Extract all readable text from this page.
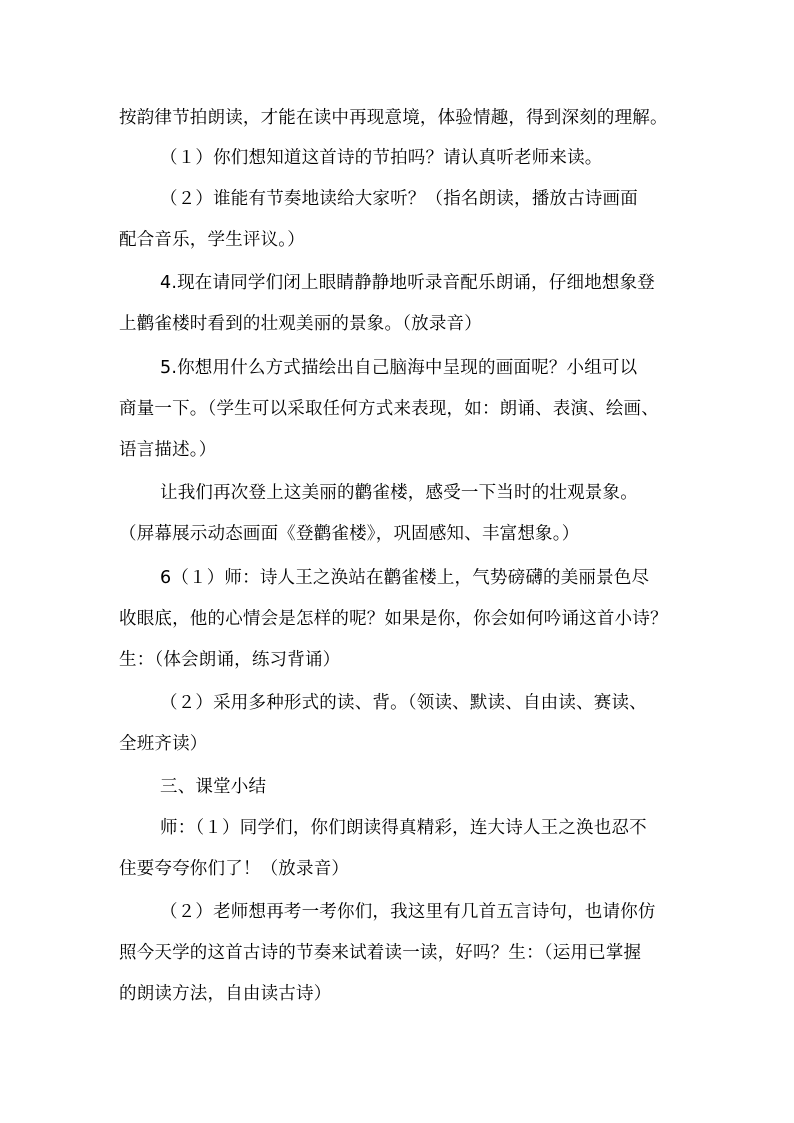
按韵律节拍朗读，才能在读中再现意境，体验情趣，得到深刻的理解。
（１）你们想知道这首诗的节拍吗？请认真听老师来读。
（２）谁能有节奏地读给大家听？（指名朗读，播放古诗画面
配合音乐，学生评议。）
4.现在请同学们闭上眼睛静静地听录音配乐朗诵，仔细地想象登
上鹳雀楼时看到的壮观美丽的景象。（放录音）
5.你想用什么方式描绘出自己脑海中呈现的画面呢？小组可以
商量一下。（学生可以采取任何方式来表现，如：朗诵、表演、绘画、
语言描述。）
让我们再次登上这美丽的鹳雀楼，感受一下当时的壮观景象。
（屏幕展示动态画面《登鹳雀楼》，巩固感知、丰富想象。）
6（１）师：诗人王之涣站在鹳雀楼上，气势磅礴的美丽景色尽
收眼底，他的心情会是怎样的呢？如果是你，你会如何吟诵这首小诗？
生：（体会朗诵，练习背诵）
（２）采用多种形式的读、背。（领读、默读、自由读、赛读、
全班齐读）
三、课堂小结
师：（１）同学们，你们朗读得真精彩，连大诗人王之涣也忍不
住要夸夸你们了！（放录音）
（２）老师想再考一考你们，我这里有几首五言诗句，也请你仿
照今天学的这首古诗的节奏来试着读一读，好吗？生：（运用已掌握
的朗读方法，自由读古诗）
